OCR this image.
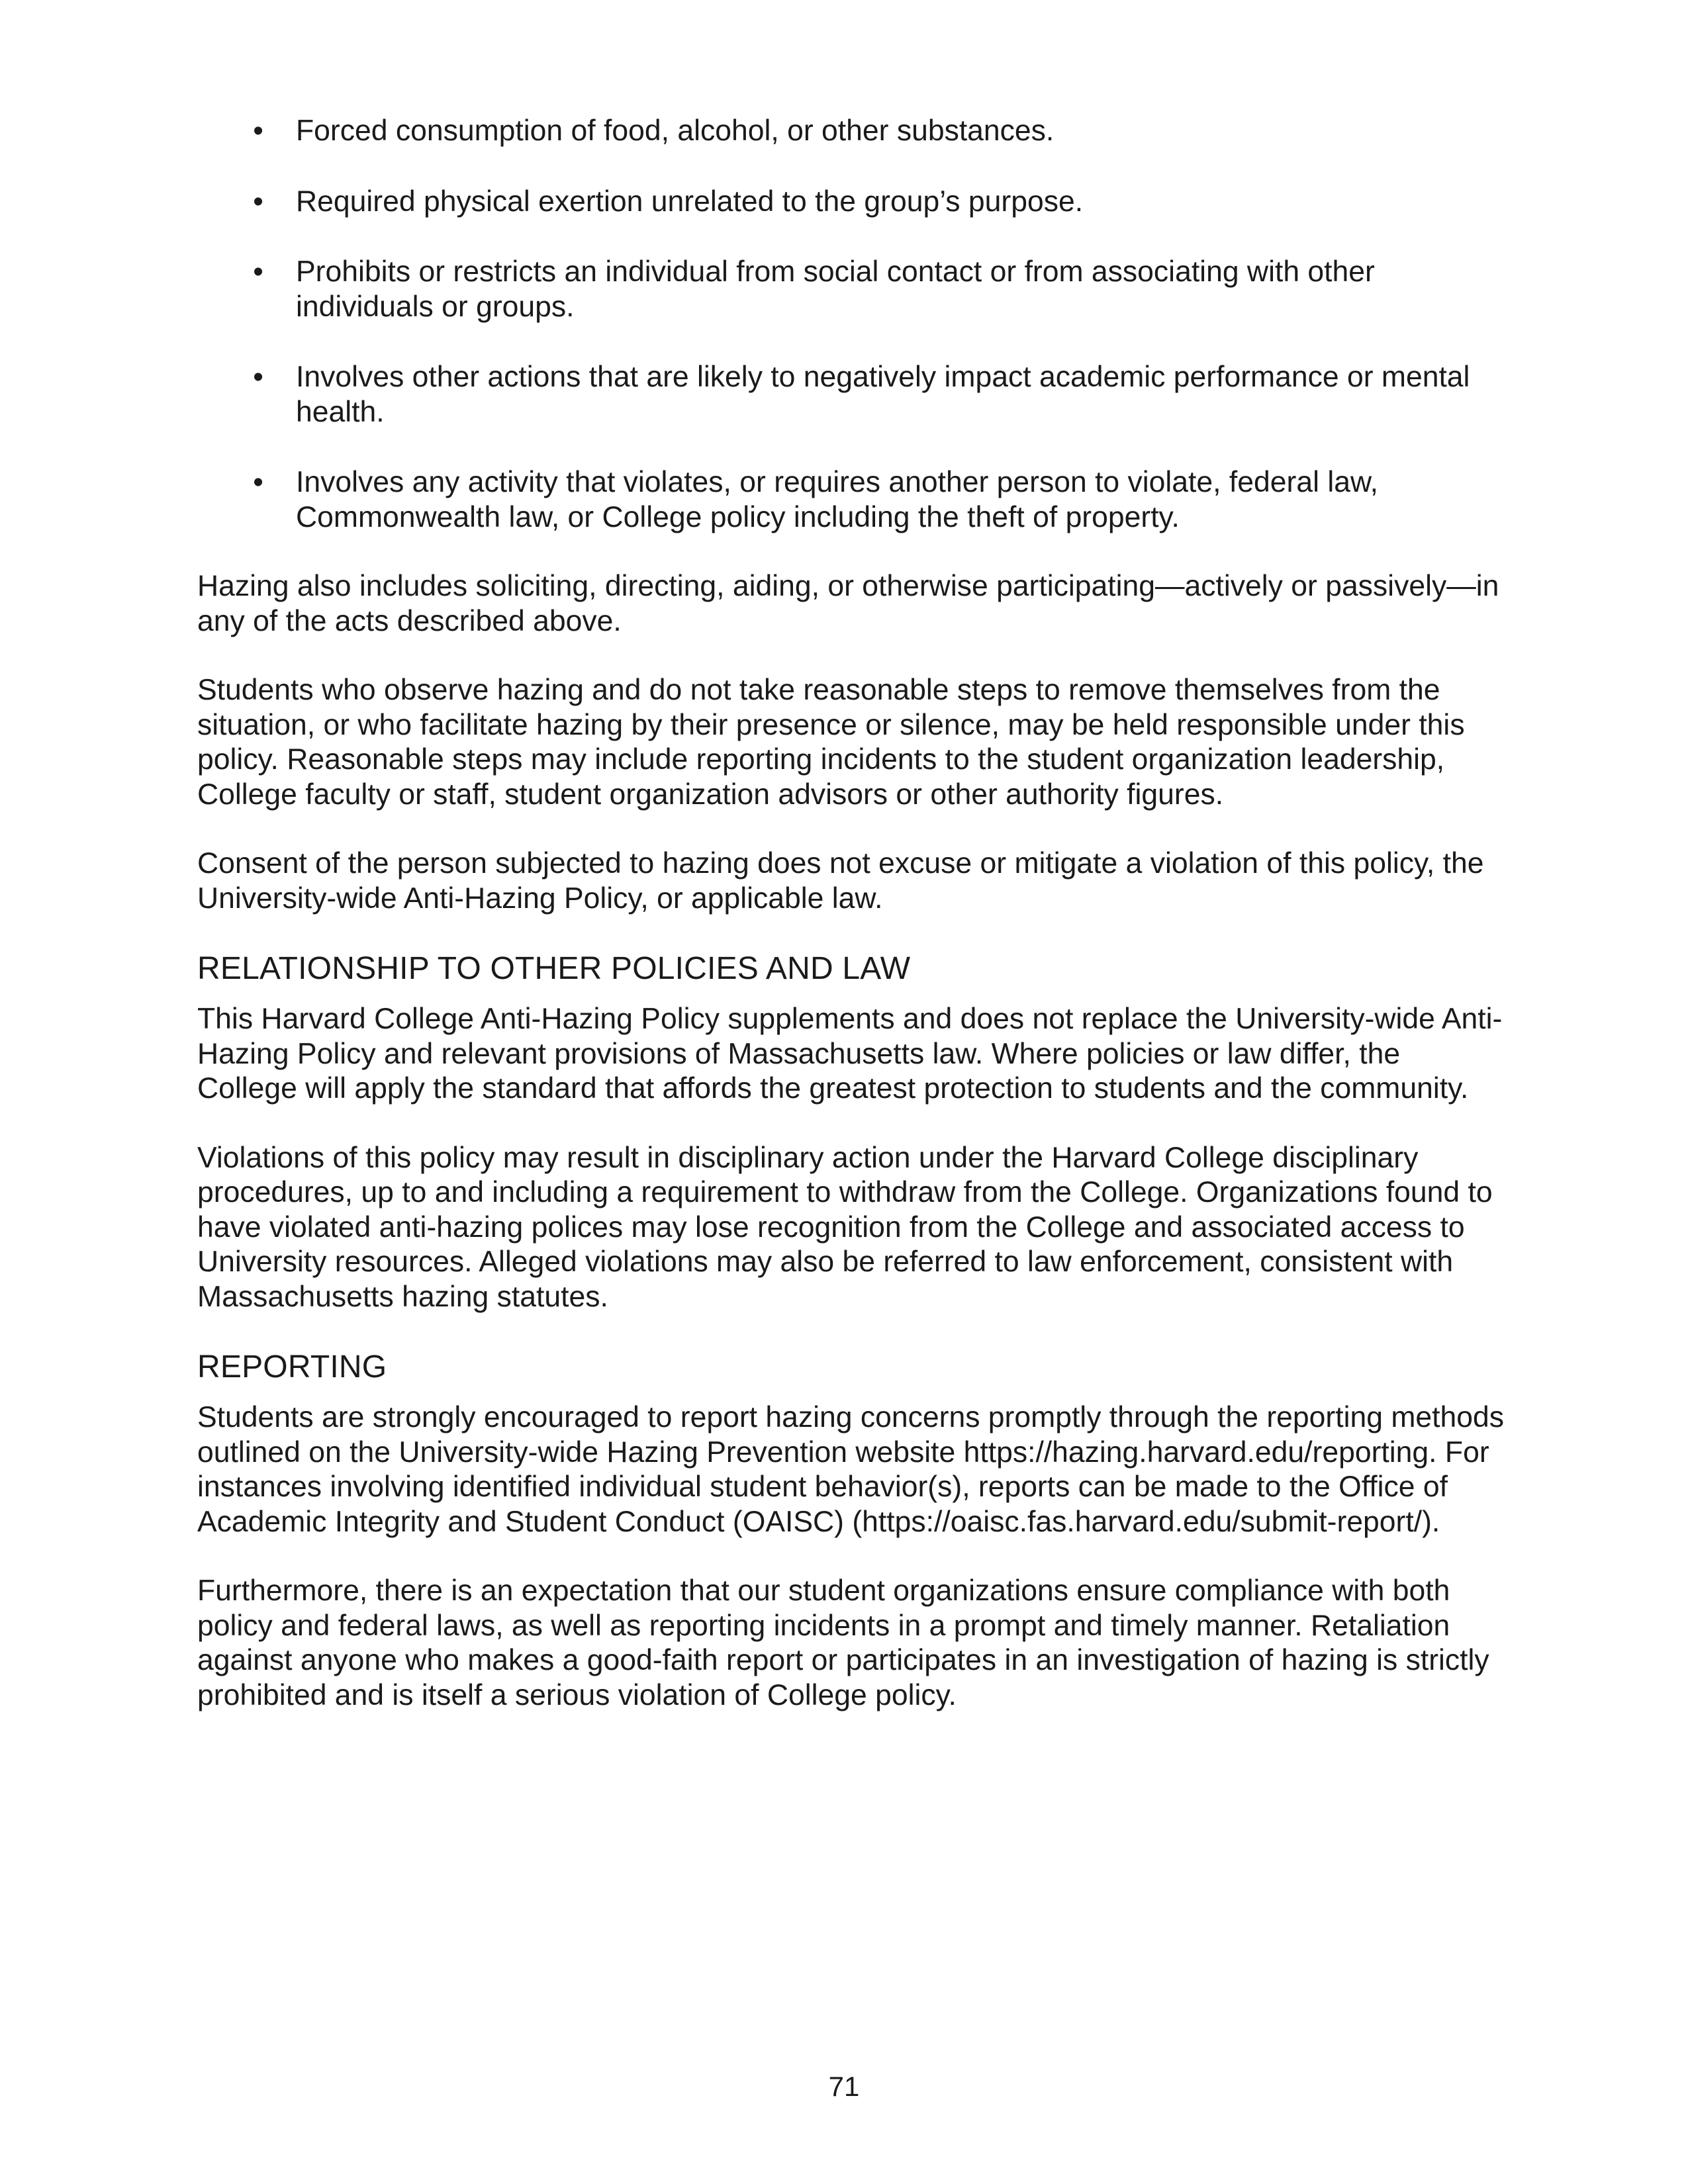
• Forced consumption of food, alcohol, or other substances.
• Required physical exertion unrelated to the group’s purpose.
• Prohibits or restricts an individual from social contact or from associating with other individuals or groups.
• Involves other actions that are likely to negatively impact academic performance or mental health.
• Involves any activity that violates, or requires another person to violate, federal law, Commonwealth law, or College policy including the theft of property.

Hazing also includes soliciting, directing, aiding, or otherwise participating—actively or passively—in any of the acts described above.

Students who observe hazing and do not take reasonable steps to remove themselves from the situation, or who facilitate hazing by their presence or silence, may be held responsible under this policy. Reasonable steps may include reporting incidents to the student organization leadership, College faculty or staff, student organization advisors or other authority figures.

Consent of the person subjected to hazing does not excuse or mitigate a violation of this policy, the University-wide Anti-Hazing Policy, or applicable law.

RELATIONSHIP TO OTHER POLICIES AND LAW

This Harvard College Anti-Hazing Policy supplements and does not replace the University-wide Anti-Hazing Policy and relevant provisions of Massachusetts law. Where policies or law differ, the College will apply the standard that affords the greatest protection to students and the community.

Violations of this policy may result in disciplinary action under the Harvard College disciplinary procedures, up to and including a requirement to withdraw from the College. Organizations found to have violated anti-hazing polices may lose recognition from the College and associated access to University resources. Alleged violations may also be referred to law enforcement, consistent with Massachusetts hazing statutes.

REPORTING

Students are strongly encouraged to report hazing concerns promptly through the reporting methods outlined on the University-wide Hazing Prevention website https://hazing.harvard.edu/reporting. For instances involving identified individual student behavior(s), reports can be made to the Office of Academic Integrity and Student Conduct (OAISC) (https://oaisc.fas.harvard.edu/submit-report/).

Furthermore, there is an expectation that our student organizations ensure compliance with both policy and federal laws, as well as reporting incidents in a prompt and timely manner. Retaliation against anyone who makes a good-faith report or participates in an investigation of hazing is strictly prohibited and is itself a serious violation of College policy.

71
